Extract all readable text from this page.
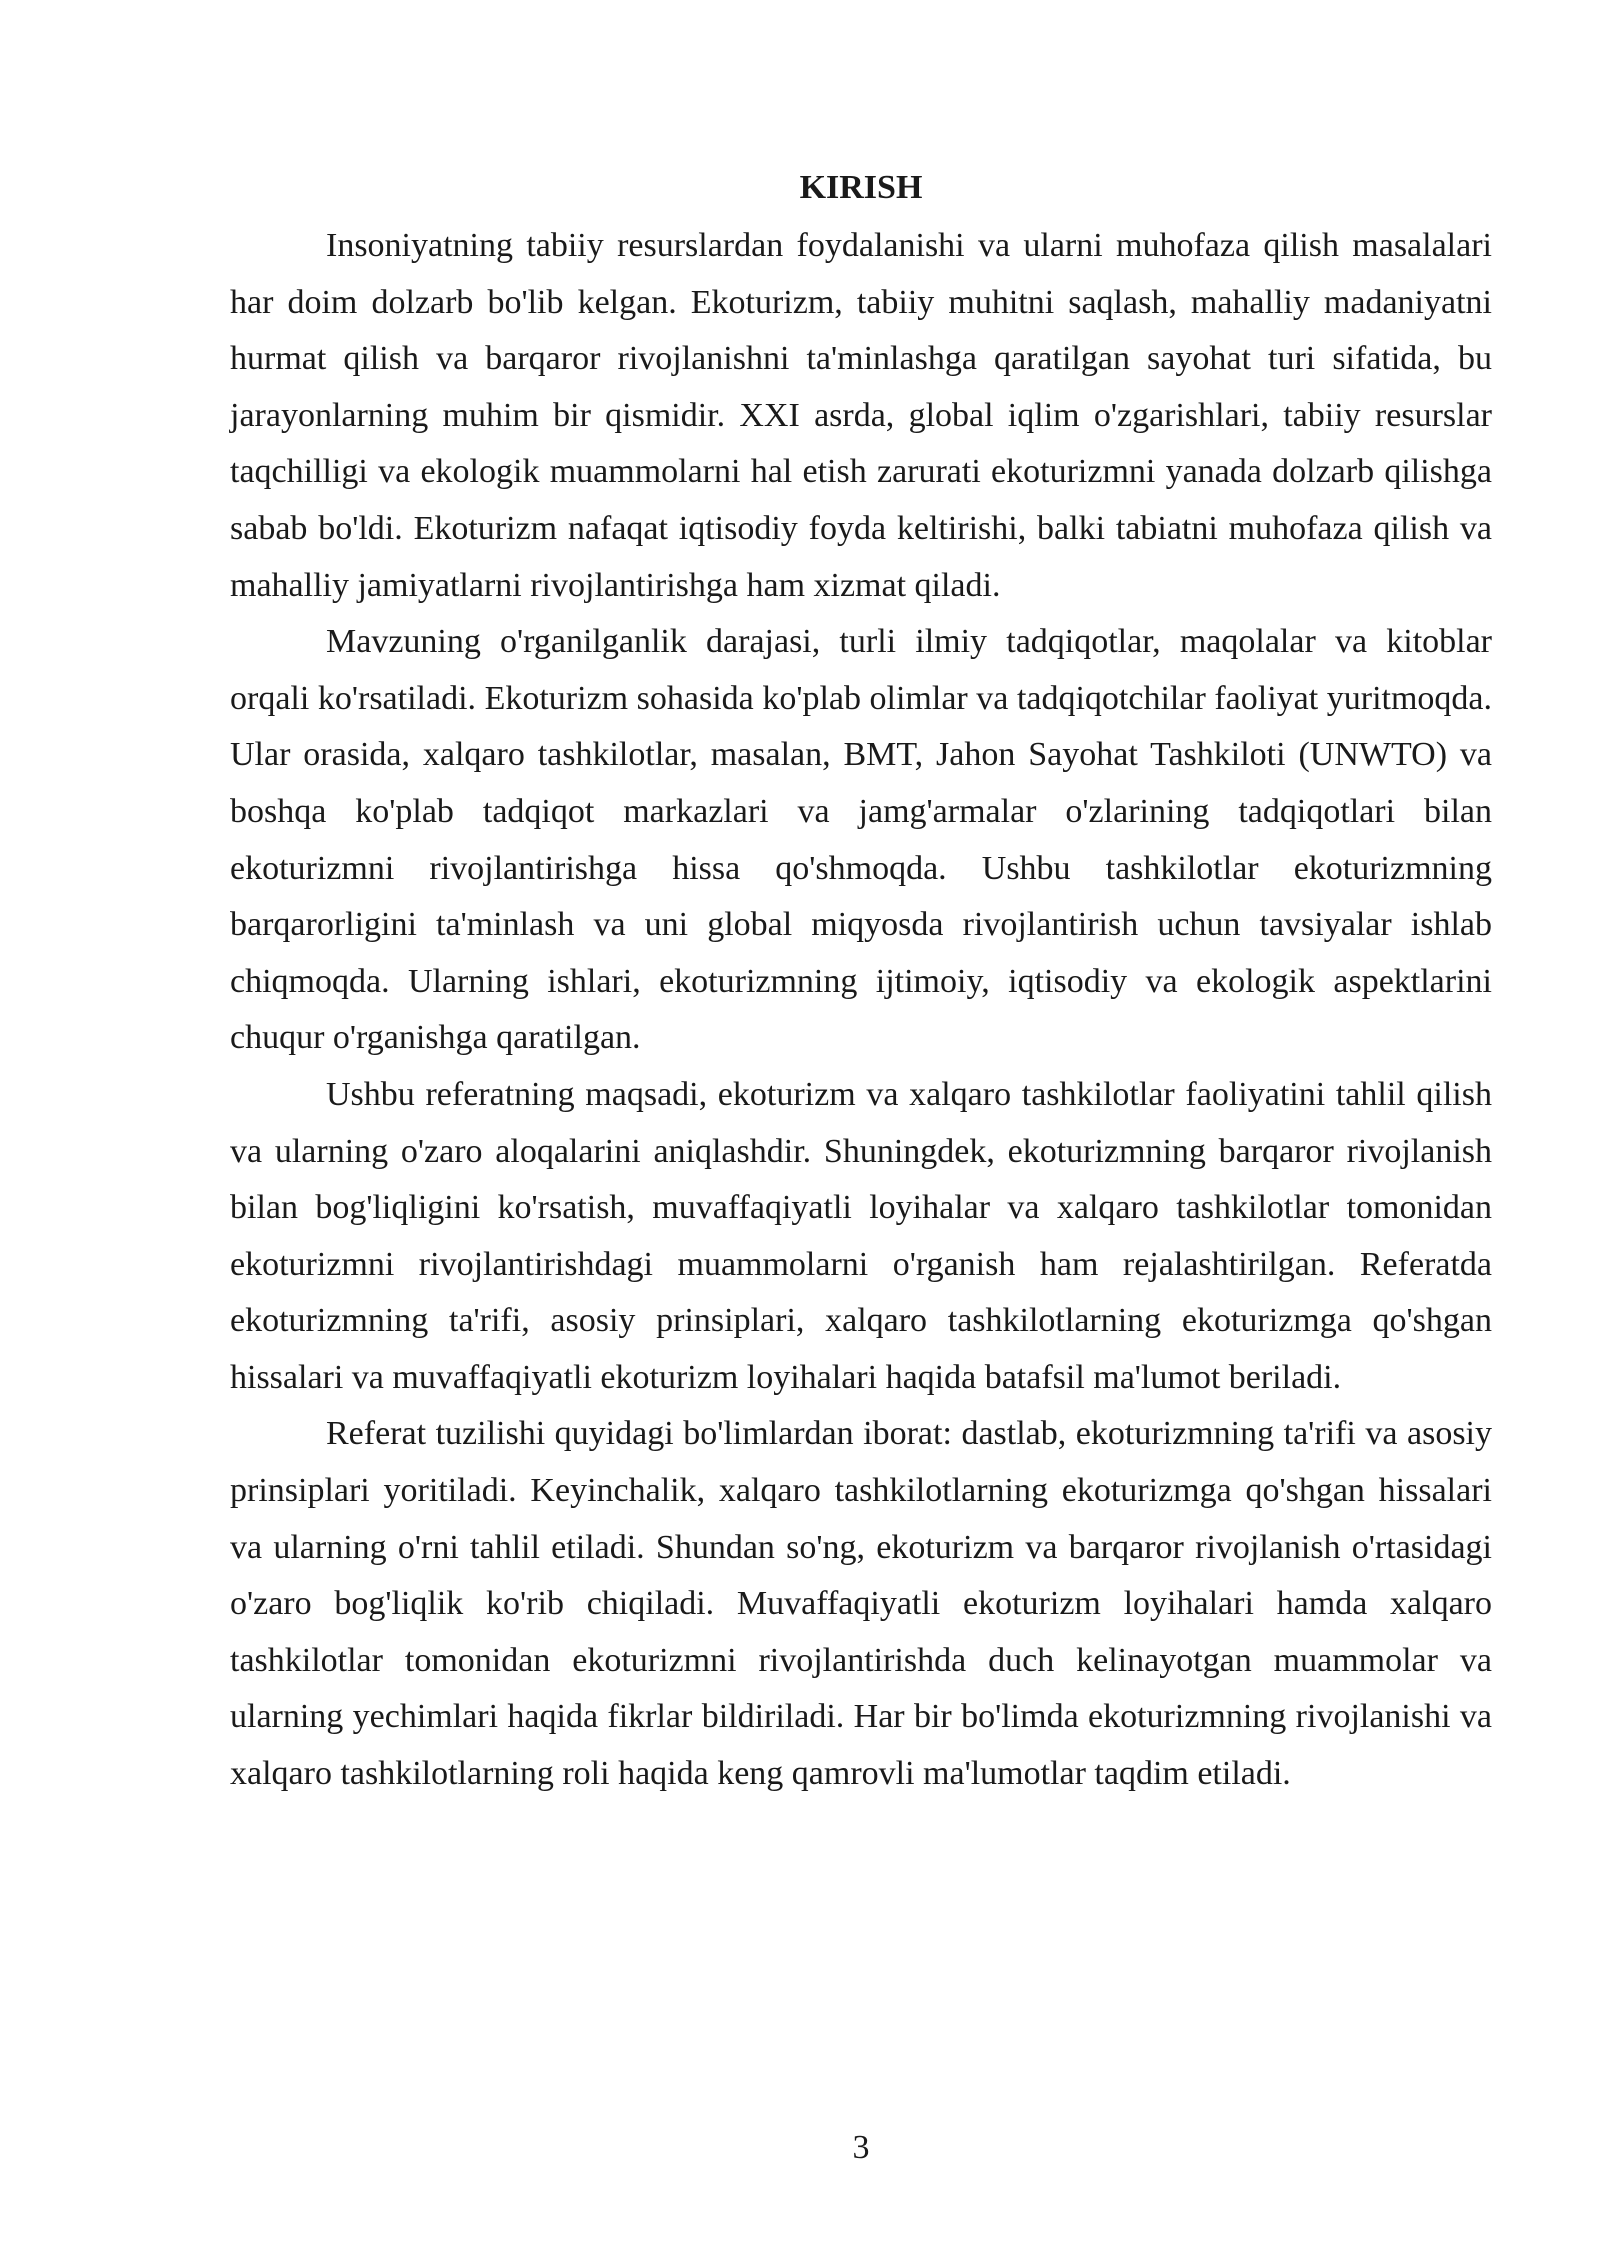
KIRISH

Insoniyatning tabiiy resurslardan foydalanishi va ularni muhofaza qilish masalalari har doim dolzarb bo'lib kelgan. Ekoturizm, tabiiy muhitni saqlash, mahalliy madaniyatni hurmat qilish va barqaror rivojlanishni ta'minlashga qaratilgan sayohat turi sifatida, bu jarayonlarning muhim bir qismidir. XXI asrda, global iqlim o'zgarishlari, tabiiy resurslar taqchilligi va ekologik muammolarni hal etish zarurati ekoturizmni yanada dolzarb qilishga sabab bo'ldi. Ekoturizm nafaqat iqtisodiy foyda keltirishi, balki tabiatni muhofaza qilish va mahalliy jamiyatlarni rivojlantirishga ham xizmat qiladi.

Mavzuning o'rganilganlik darajasi, turli ilmiy tadqiqotlar, maqolalar va kitoblar orqali ko'rsatiladi. Ekoturizm sohasida ko'plab olimlar va tadqiqotchilar faoliyat yuritmoqda. Ular orasida, xalqaro tashkilotlar, masalan, BMT, Jahon Sayohat Tashkiloti (UNWTO) va boshqa ko'plab tadqiqot markazlari va jamg'armalar o'zlarining tadqiqotlari bilan ekoturizmni rivojlantirishga hissa qo'shmoqda. Ushbu tashkilotlar ekoturizmning barqarorligini ta'minlash va uni global miqyosda rivojlantirish uchun tavsiyalar ishlab chiqmoqda. Ularning ishlari, ekoturizmning ijtimoiy, iqtisodiy va ekologik aspektlarini chuqur o'rganishga qaratilgan.

Ushbu referatning maqsadi, ekoturizm va xalqaro tashkilotlar faoliyatini tahlil qilish va ularning o'zaro aloqalarini aniqlashdir. Shuningdek, ekoturizmning barqaror rivojlanish bilan bog'liqligini ko'rsatish, muvaffaqiyatli loyihalar va xalqaro tashkilotlar tomonidan ekoturizmni rivojlantirishdagi muammolarni o'rganish ham rejalashtirilgan. Referatda ekoturizmning ta'rifi, asosiy prinsiplari, xalqaro tashkilotlarning ekoturizmga qo'shgan hissalari va muvaffaqiyatli ekoturizm loyihalari haqida batafsil ma'lumot beriladi.

Referat tuzilishi quyidagi bo'limlardan iborat: dastlab, ekoturizmning ta'rifi va asosiy prinsiplari yoritiladi. Keyinchalik, xalqaro tashkilotlarning ekoturizmga qo'shgan hissalari va ularning o'rni tahlil etiladi. Shundan so'ng, ekoturizm va barqaror rivojlanish o'rtasidagi o'zaro bog'liqlik ko'rib chiqiladi. Muvaffaqiyatli ekoturizm loyihalari hamda xalqaro tashkilotlar tomonidan ekoturizmni rivojlantirishda duch kelinayotgan muammolar va ularning yechimlari haqida fikrlar bildiriladi. Har bir bo'limda ekoturizmning rivojlanishi va xalqaro tashkilotlarning roli haqida keng qamrovli ma'lumotlar taqdim etiladi.

3
